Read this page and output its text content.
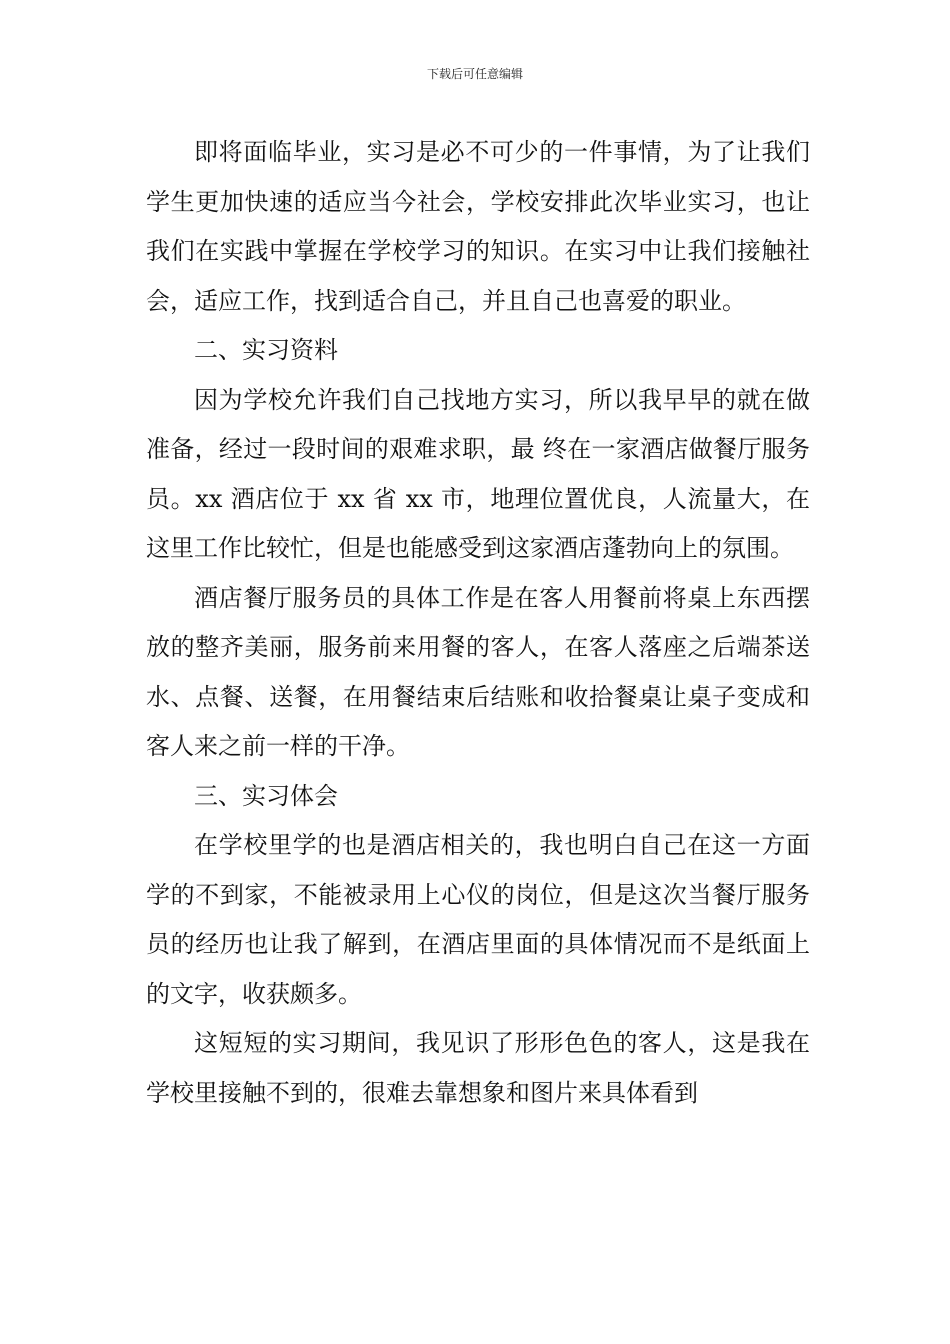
下载后可任意编辑

即将面临毕业，实习是必不可少的一件事情，为了让我们学生更加快速的适应当今社会，学校安排此次毕业实习，也让我们在实践中掌握在学校学习的知识。在实习中让我们接触社会，适应工作，找到适合自己，并且自己也喜爱的职业。

二、实习资料

因为学校允许我们自己找地方实习，所以我早早的就在做准备，经过一段时间的艰难求职，最 终在一家酒店做餐厅服务员。xx 酒店位于 xx 省 xx 市，地理位置优良，人流量大，在这里工作比较忙，但是也能感受到这家酒店蓬勃向上的氛围。

酒店餐厅服务员的具体工作是在客人用餐前将桌上东西摆放的整齐美丽，服务前来用餐的客人，在客人落座之后端茶送水、点餐、送餐，在用餐结束后结账和收拾餐桌让桌子变成和客人来之前一样的干净。

三、实习体会

在学校里学的也是酒店相关的，我也明白自己在这一方面学的不到家，不能被录用上心仪的岗位，但是这次当餐厅服务员的经历也让我了解到，在酒店里面的具体情况而不是纸面上的文字，收获颇多。

这短短的实习期间，我见识了形形色色的客人，这是我在学校里接触不到的，很难去靠想象和图片来具体看到
